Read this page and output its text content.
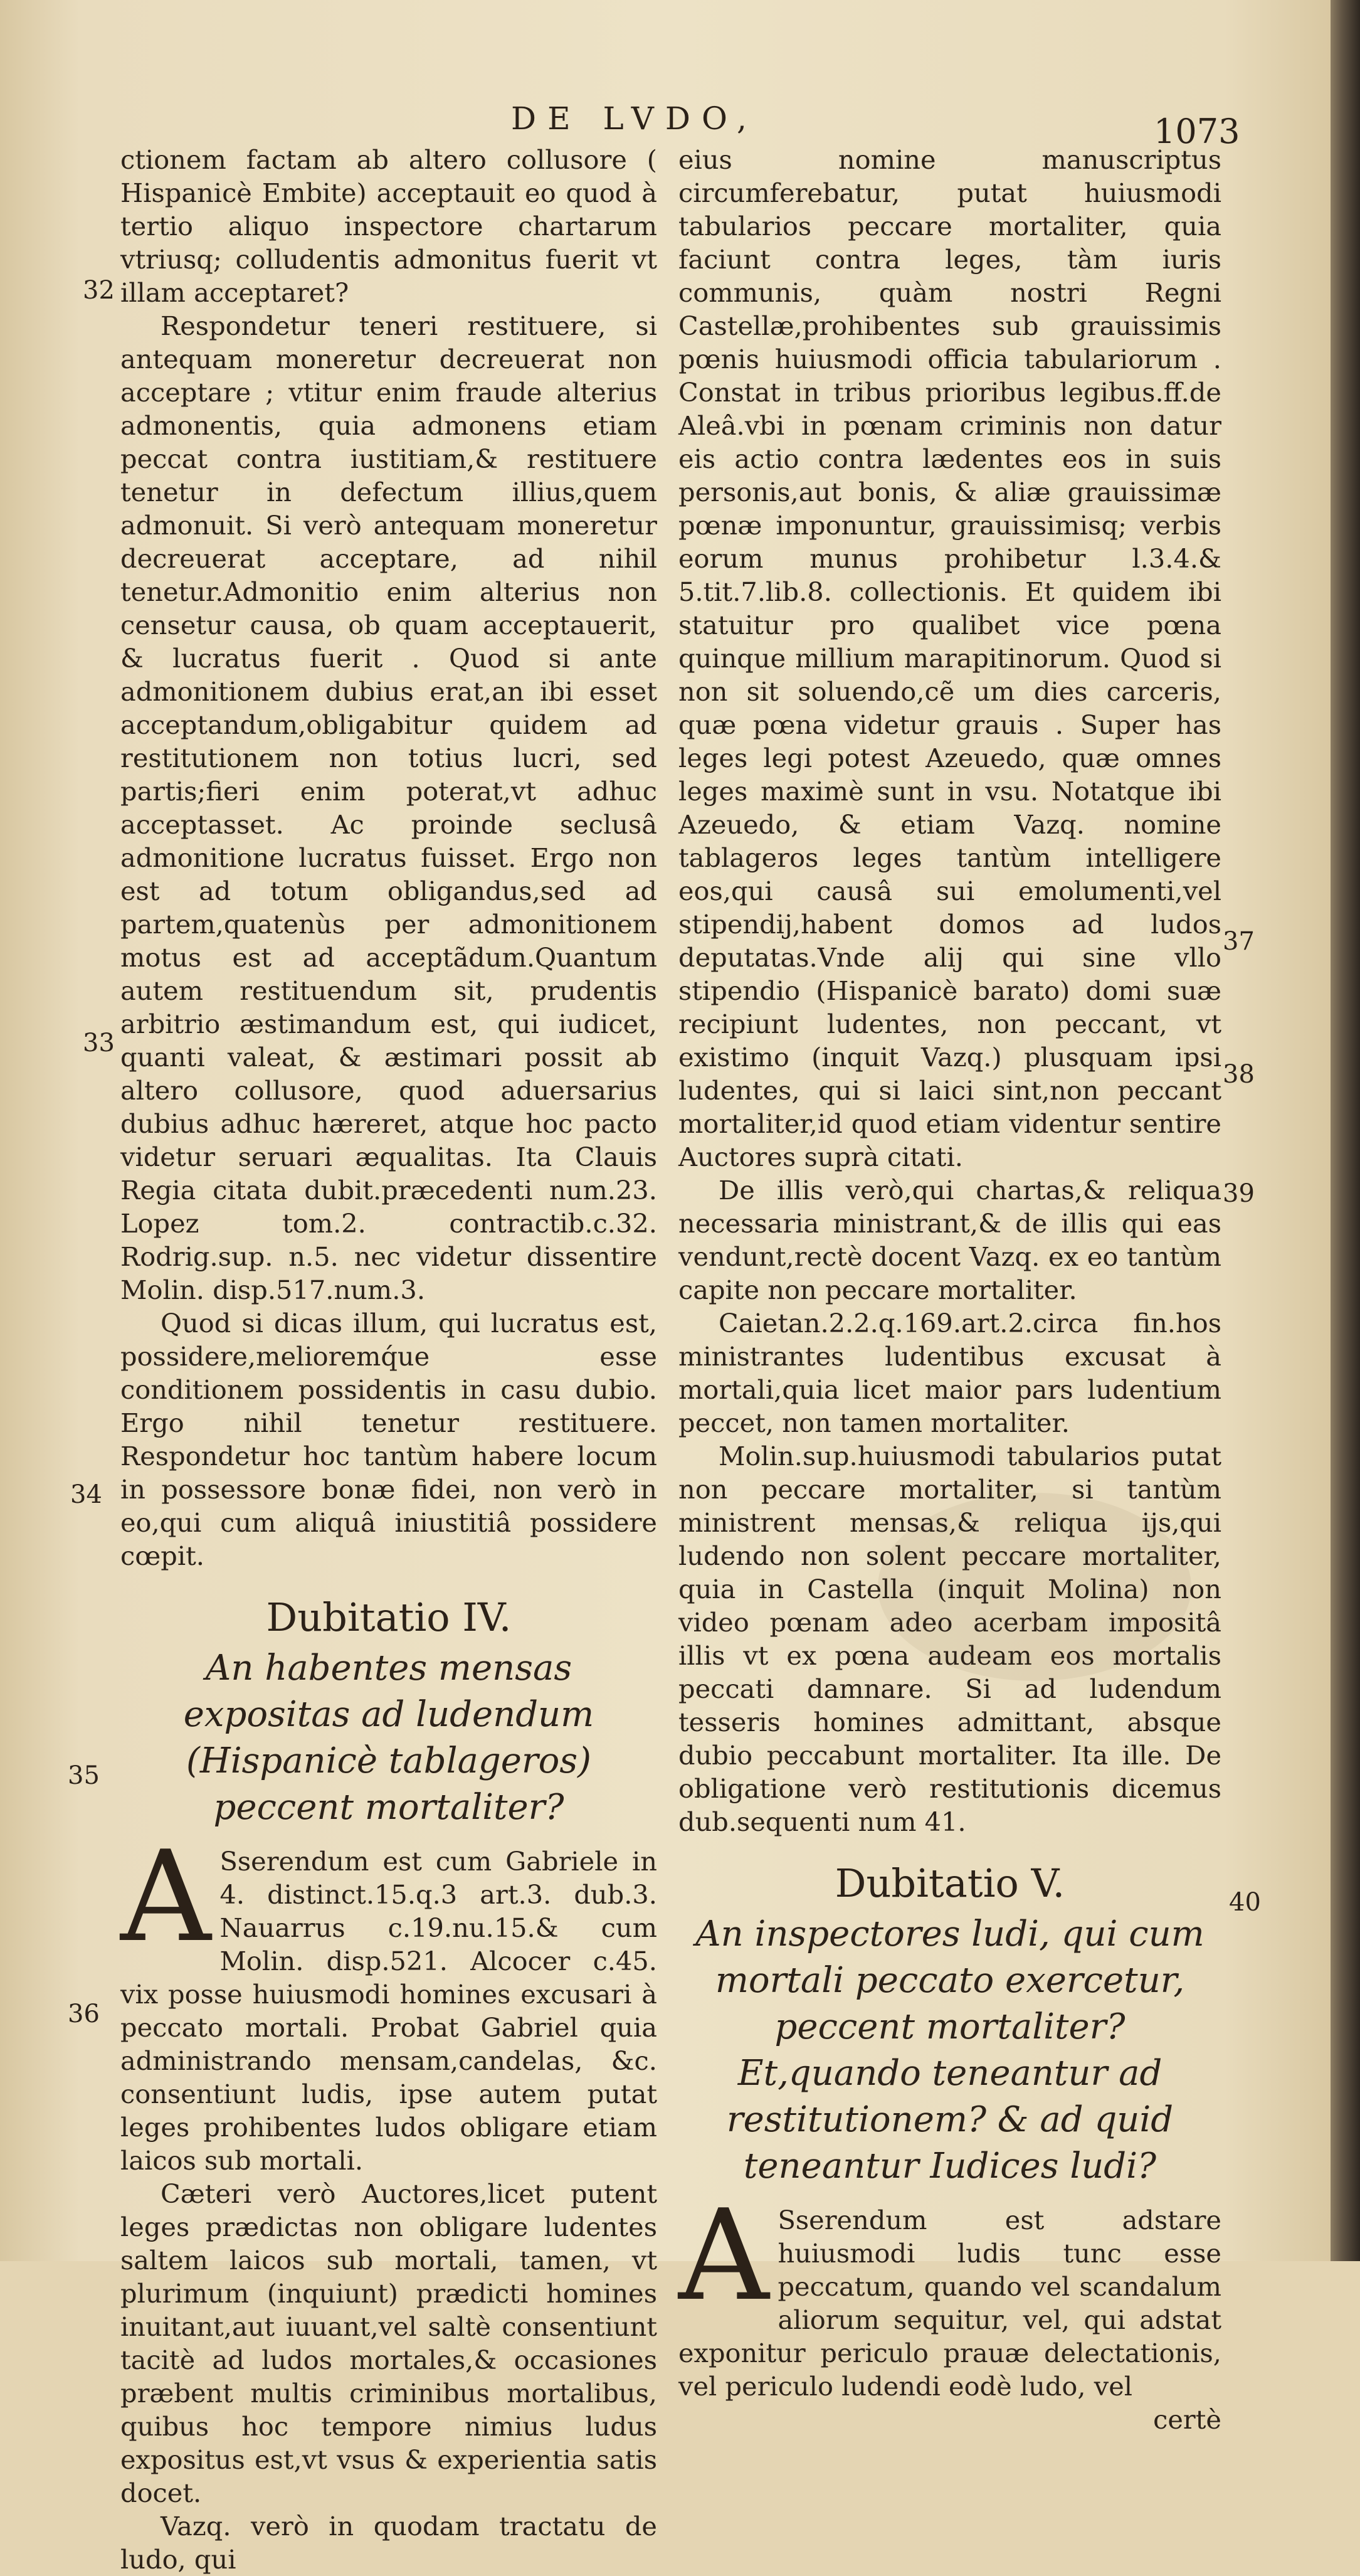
DE LVDO,	1073

ctionem factam ab altero collusore ( Hispanicè Embite) acceptauit eo quod à tertio aliquo inspectore chartarum vtriusq; colludentis admonitus fuerit vt illam acceptaret?

Respondetur teneri restituere, si antequam moneretur decreuerat non acceptare ; vtitur enim fraude alterius admonentis, quia admonens etiam peccat contra iustitiam,& restituere tenetur in defectum illius,quem admonuit. Si verò antequam moneretur decreuerat acceptare, ad nihil tenetur.Admonitio enim alterius non censetur causa, ob quam acceptauerit, & lucratus fuerit . Quod si ante admonitionem dubius erat,an ibi esset acceptandum,obligabitur quidem ad restitutionem non totius lucri, sed partis;fieri enim poterat,vt adhuc acceptasset. Ac proinde seclusâ admonitione lucratus fuisset. Ergo non est ad totum obligandus,sed ad partem,quatenùs per admonitionem motus est ad acceptãdum.Quantum autem restituendum sit, prudentis arbitrio æstimandum est, qui iudicet, quanti valeat, & æstimari possit ab altero collusore, quod aduersarius dubius adhuc hæreret, atque hoc pacto videtur seruari æqualitas. Ita Clauis Regia citata dubit.præcedenti num.23. Lopez tom.2. contractib.c.32. Rodrig.sup. n.5. nec videtur dissentire Molin. disp.517.num.3.

Quod si dicas illum, qui lucratus est, possidere,melioremq́ue esse conditionem possidentis in casu dubio. Ergo nihil tenetur restituere. Respondetur hoc tantùm habere locum in possessore bonæ fidei, non verò in eo,qui cum aliquâ iniustitiâ possidere cœpit.

Dubitatio IV.
An habentes mensas expositas ad ludendum (Hispanicè tablageros) peccent mortaliter?

A Sserendum est cum Gabriele in 4. distinct.15.q.3 art.3. dub.3. Nauarrus c.19.nu.15.& cum Molin. disp.521. Alcocer c.45. vix posse huiusmodi homines excusari à peccato mortali. Probat Gabriel quia administrando mensam,candelas, &c. consentiunt ludis, ipse autem putat leges prohibentes ludos obligare etiam laicos sub mortali.

Cæteri verò Auctores,licet putent leges prædictas non obligare ludentes saltem laicos sub mortali, tamen, vt plurimum (inquiunt) prædicti homines inuitant,aut iuuant,vel saltè consentiunt tacitè ad ludos mortales,& occasiones præbent multis criminibus mortalibus, quibus hoc tempore nimius ludus expositus est,vt vsus & experientia satis docet.

Vazq. verò in quodam tractatu de ludo, qui

32
33
34
35
36

eius nomine manuscriptus circumferebatur, putat huiusmodi tabularios peccare mortaliter, quia faciunt contra leges, tàm iuris communis, quàm nostri Regni Castellæ,prohibentes sub grauissimis pœnis huiusmodi officia tabulariorum . Constat in tribus prioribus legibus.ff.de Aleâ.vbi in pœnam criminis non datur eis actio contra lædentes eos in suis personis,aut bonis, & aliæ grauissimæ pœnæ imponuntur, grauissimisq; verbis eorum munus prohibetur l.3.4.& 5.tit.7.lib.8. collectionis. Et quidem ibi statuitur pro qualibet vice pœna quinque millium marapitinorum. Quod si non sit soluendo,cẽ um dies carceris, quæ pœna videtur grauis . Super has leges legi potest Azeuedo, quæ omnes leges maximè sunt in vsu. Notatque ibi Azeuedo, & etiam Vazq. nomine tablageros leges tantùm intelligere eos,qui causâ sui emolumenti,vel stipendij,habent domos ad ludos deputatas.Vnde alij qui sine vllo stipendio (Hispanicè barato) domi suæ recipiunt ludentes, non peccant, vt existimo (inquit Vazq.) plusquam ipsi ludentes, qui si laici sint,non peccant mortaliter,id quod etiam videntur sentire Auctores suprà citati.

De illis verò,qui chartas,& reliqua necessaria ministrant,& de illis qui eas vendunt,rectè docent Vazq. ex eo tantùm capite non peccare mortaliter.

Caietan.2.2.q.169.art.2.circa fin.hos ministrantes ludentibus excusat à mortali,quia licet maior pars ludentium peccet, non tamen mortaliter.

Molin.sup.huiusmodi tabularios putat non peccare mortaliter, si tantùm ministrent mensas,& reliqua ijs,qui ludendo non solent peccare mortaliter, quia in Castella (inquit Molina) non video pœnam adeo acerbam impositâ illis vt ex pœna audeam eos mortalis peccati damnare. Si ad ludendum tesseris homines admittant, absque dubio peccabunt mortaliter. Ita ille. De obligatione verò restitutionis dicemus dub.sequenti num 41.

Dubitatio V.
An inspectores ludi, qui cum mortali peccato exercetur, peccent mortaliter? Et,quando teneantur ad restitutionem? & ad quid teneantur Iudices ludi?

A Sserendum est adstare huiusmodi ludis tunc esse peccatum, quando vel scandalum aliorum sequitur, vel, qui adstat exponitur periculo prauæ delectationis, vel periculo ludendi eodè ludo, vel

certè

37
38
39
40
